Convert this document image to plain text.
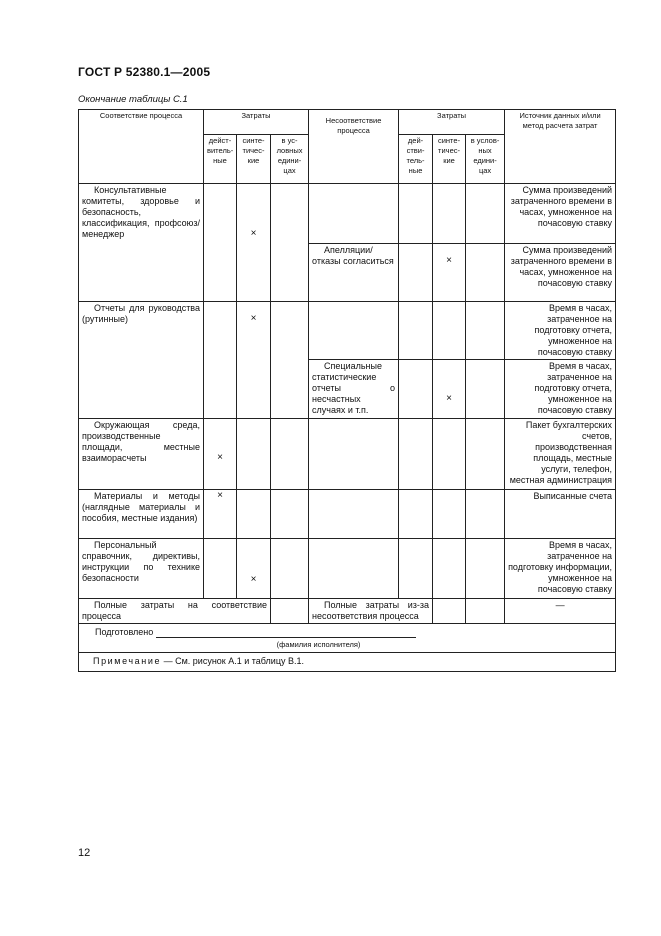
ГОСТ Р 52380.1—2005
Окончание таблицы С.1
Соответствие процесса	Затраты			Несоответствие процесса	Затраты			Источник данных и/или метод расчета затрат
	дейст-витель-ные	синте-тичес-кие	в ус-ловных едини-цах		дей-стви-тель-ные	синте-тичес-кие	в услов-ных едини-цах	
Консультативные комитеты, здоровье и безопасность, классификация, профсоюз/менеджер		×						Сумма произведений затраченного времени в часах, умноженное на почасовую ставку
				Апелляции/отказы согласиться		×		Сумма произведений затраченного времени в часах, умноженное на почасовую ставку
Отчеты для руководства (рутинные)		×						Время в часах, затраченное на подготовку отчета, умноженное на почасовую ставку
				Специальные статистические отчеты о несчастных случаях и т.п.		×		Время в часах, затраченное на подготовку отчета, умноженное на почасовую ставку
Окружающая среда, производственные площади, местные взаиморасчеты	×							Пакет бухгалтерских счетов, производственная площадь, местные услуги, телефон, местная администрация
Материалы и методы (наглядные материалы и пособия, местные издания)	×							Выписанные счета
Персональный справочник, директивы, инструкции по технике безопасности		×						Время в часах, затраченное на подготовку информации, умноженное на почасовую ставку
Полные затраты на соответствие процесса				Полные затраты из-за несоответствия процесса				—
Подготовлено
(фамилия исполнителя)								

Примечание — См. рисунок А.1 и таблицу В.1.								
12
